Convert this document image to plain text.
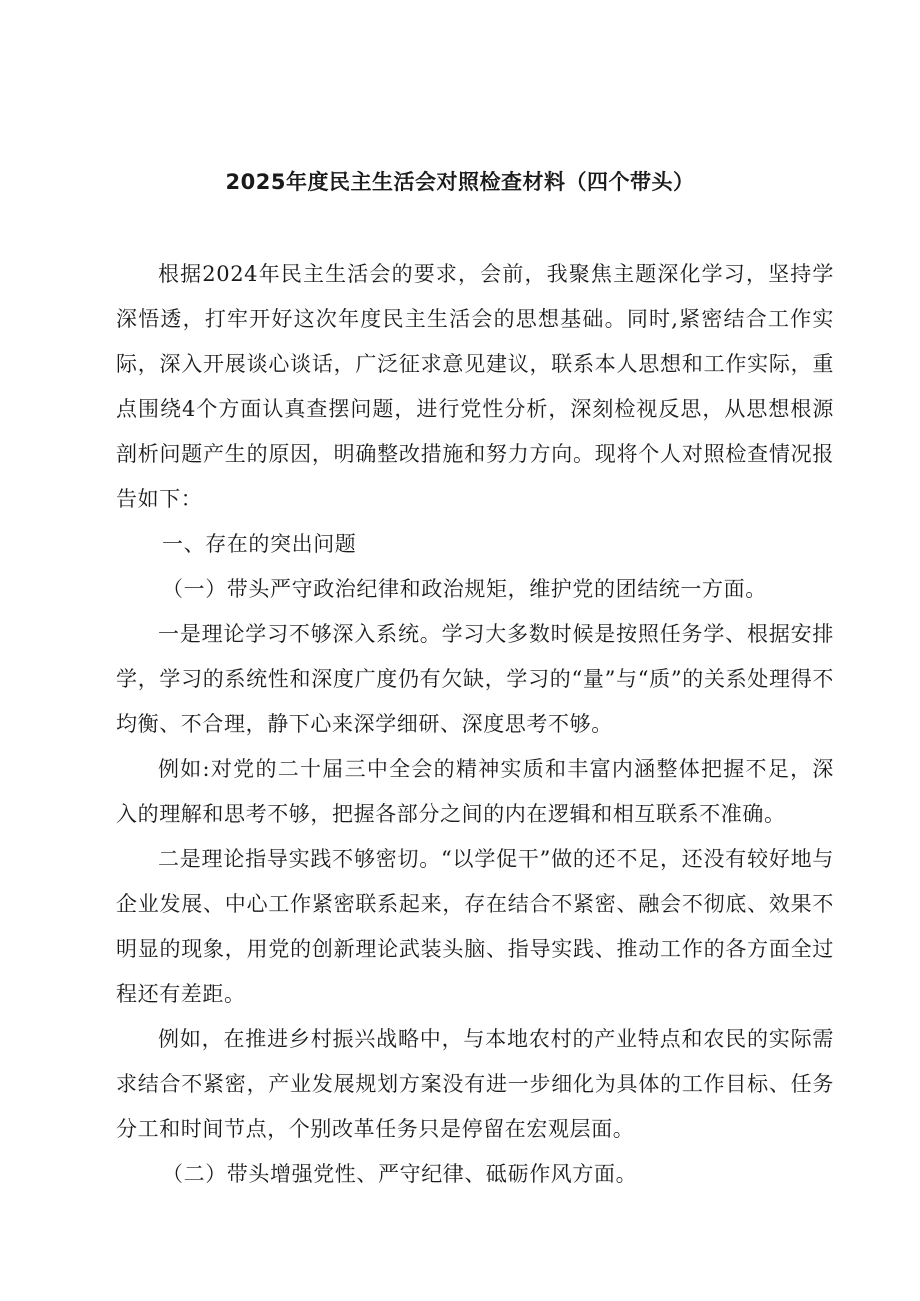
2025年度民主生活会对照检查材料（四个带头）

根据2024年民主生活会的要求，会前，我聚焦主题深化学习，坚持学深悟透，打牢开好这次年度民主生活会的思想基础。同时,紧密结合工作实际，深入开展谈心谈话，广泛征求意见建议，联系本人思想和工作实际，重点围绕4个方面认真查摆问题，进行党性分析，深刻检视反思，从思想根源剖析问题产生的原因，明确整改措施和努力方向。现将个人对照检查情况报告如下：

一、存在的突出问题

（一）带头严守政治纪律和政治规矩，维护党的团结统一方面。

一是理论学习不够深入系统。学习大多数时候是按照任务学、根据安排学，学习的系统性和深度广度仍有欠缺，学习的“量”与“质”的关系处理得不均衡、不合理，静下心来深学细研、深度思考不够。

例如:对党的二十届三中全会的精神实质和丰富内涵整体把握不足，深入的理解和思考不够，把握各部分之间的内在逻辑和相互联系不准确。

二是理论指导实践不够密切。“以学促干”做的还不足，还没有较好地与企业发展、中心工作紧密联系起来，存在结合不紧密、融会不彻底、效果不明显的现象，用党的创新理论武装头脑、指导实践、推动工作的各方面全过程还有差距。

例如，在推进乡村振兴战略中，与本地农村的产业特点和农民的实际需求结合不紧密，产业发展规划方案没有进一步细化为具体的工作目标、任务分工和时间节点，个别改革任务只是停留在宏观层面。

（二）带头增强党性、严守纪律、砥砺作风方面。
